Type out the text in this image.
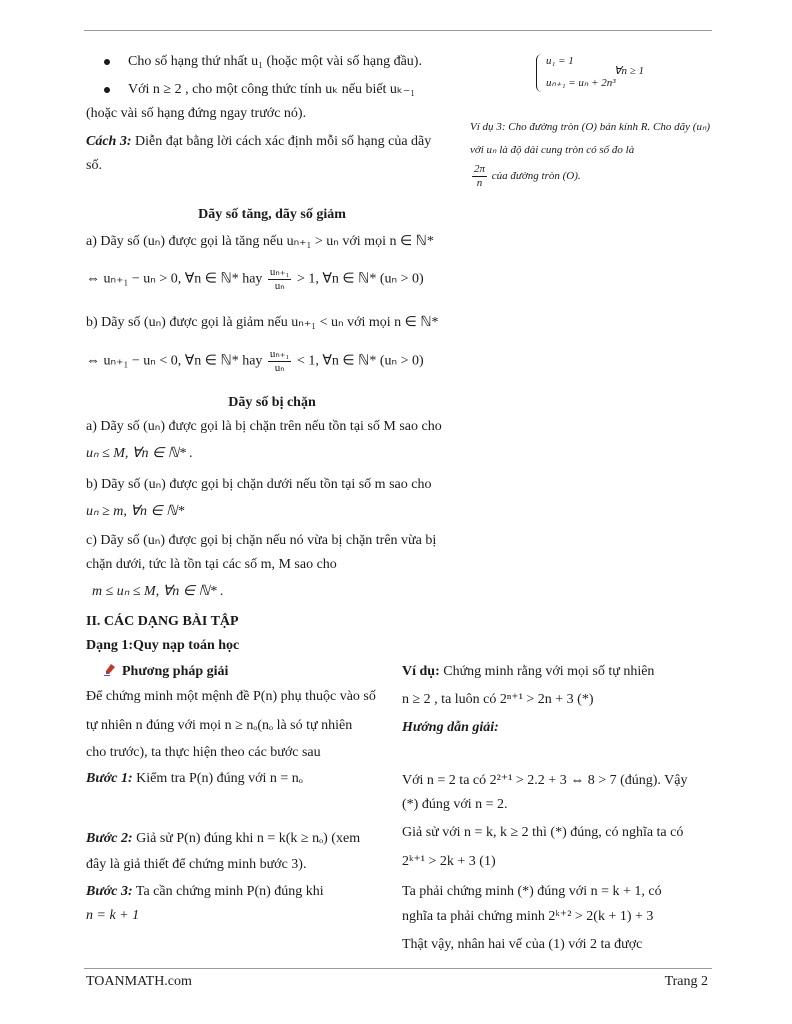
u₁ = 1
uₙ₊₁ = uₙ + 2n³
∀n ≥ 1
Ví dụ 3: Cho đường tròn (O) bán kính R. Cho dãy (uₙ) với uₙ là độ dài cung tròn có số đo là
$\frac{2\pi}{n}$ của đường tròn (O).
Cho số hạng thứ nhất u₁ (hoặc một vài số hạng đầu).
Với n ≥ 2 , cho một công thức tính uₖ nếu biết uₖ₋₁
(hoặc vài số hạng đứng ngay trước nó).
Cách 3: Diễn đạt bằng lời cách xác định mỗi số hạng của dãy
số.
Dãy số tăng, dãy số giảm
a) Dãy số (uₙ) được gọi là tăng nếu uₙ₊₁ > uₙ với mọi n ∈ ℕ*
⇔ uₙ₊₁ − uₙ > 0, ∀n ∈ ℕ* hay $\frac{\text{uₙ₊₁}}{\text{uₙ}} > 1$, ∀n ∈ ℕ* (uₙ > 0)
b) Dãy số (uₙ) được gọi là giảm nếu uₙ₊₁ < uₙ với mọi n ∈ ℕ*
⇔ uₙ₊₁ − uₙ < 0, ∀n ∈ ℕ* hay $\frac{\text{uₙ₊₁}}{\text{uₙ}} < 1$, ∀n ∈ ℕ* (uₙ > 0)
Dãy số bị chặn
a) Dãy số (uₙ) được gọi là bị chặn trên nếu tồn tại số M sao cho
uₙ ≤ M, ∀n ∈ ℕ* .
b) Dãy số (uₙ) được gọi bị chặn dưới nếu tồn tại số m sao cho
uₙ ≥ m, ∀n ∈ ℕ*
c) Dãy số (uₙ) được gọi bị chặn nếu nó vừa bị chặn trên vừa bị
chặn dưới, tức là tồn tại các số m, M sao cho
m ≤ uₙ ≤ M, ∀n ∈ ℕ* .
II. CÁC DẠNG BÀI TẬP
Dạng 1:Quy nạp toán học
Phương pháp giải
Để chứng minh một mệnh đề P(n) phụ thuộc vào số
tự nhiên n đúng với mọi n ≥ nₒ(nₒ là só tự nhiên
cho trước), ta thực hiện theo các bước sau
Bước 1: Kiểm tra P(n) đúng với n = nₒ
Bước 2: Giả sử P(n) đúng khi n = k(k ≥ nₒ) (xem
đây là giả thiết để chứng minh bước 3).
Bước 3: Ta cần chứng minh P(n) đúng khi
n = k + 1
Ví dụ: Chứng minh rằng với mọi số tự nhiên
n ≥ 2 , ta luôn có 2ⁿ⁺¹ > 2n + 3 (*)
Hướng dẫn giải:
Với n = 2 ta có 2²⁺¹ > 2.2 + 3 ⇔ 8 > 7 (đúng). Vậy
(*) đúng với n = 2.
Giả sử với n = k, k ≥ 2 thì (*) đúng, có nghĩa ta có
2ᵏ⁺¹ > 2k + 3 (1)
Ta phải chứng minh (*) đúng với n = k + 1, có
nghĩa ta phải chứng minh 2ᵏ⁺² > 2(k + 1) + 3
Thật vậy, nhân hai vế của (1) với 2 ta được
TOANMATH.com	Trang 2
